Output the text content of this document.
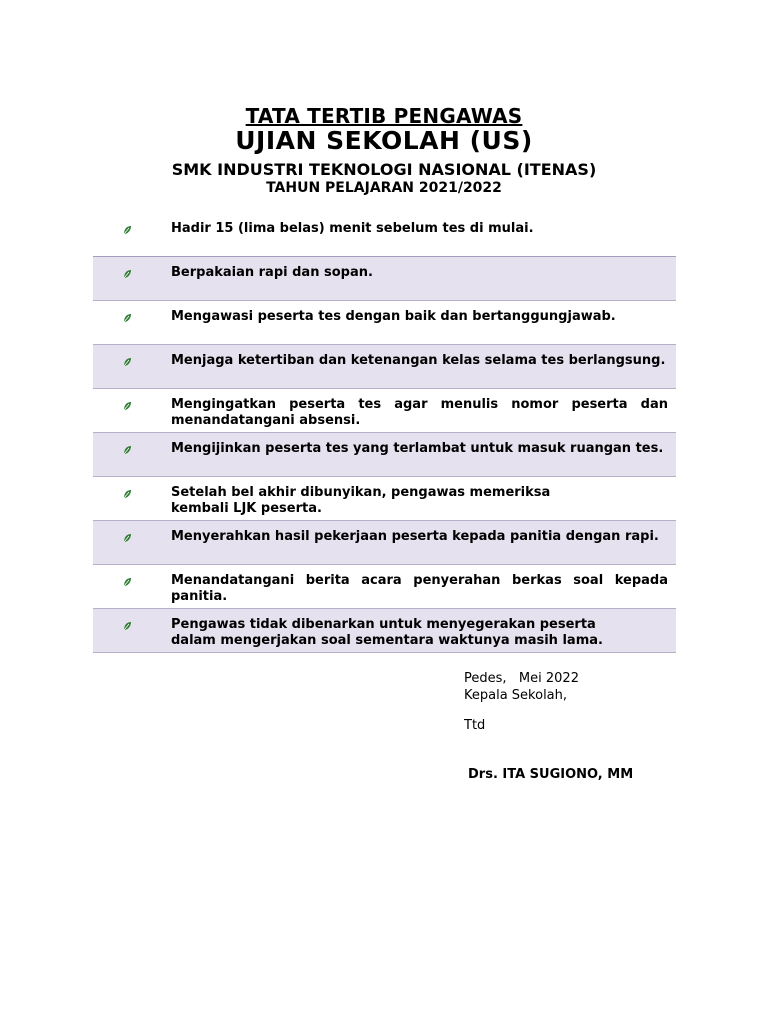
TATA TERTIB PENGAWAS
UJIAN SEKOLAH (US)
SMK INDUSTRI TEKNOLOGI NASIONAL (ITENAS)
TAHUN PELAJARAN 2021/2022
Hadir 15 (lima belas) menit sebelum tes di mulai.
Berpakaian rapi dan sopan.
Mengawasi peserta tes dengan baik dan bertanggungjawab.
Menjaga ketertiban dan ketenangan kelas selama tes berlangsung.
Mengingatkan peserta tes agar menulis nomor peserta dan menandatangani absensi.
Mengijinkan peserta tes yang terlambat untuk masuk ruangan tes.
Setelah bel akhir dibunyikan, pengawas memeriksa kembali LJK peserta.
Menyerahkan hasil pekerjaan peserta kepada panitia dengan rapi.
Menandatangani berita acara penyerahan berkas soal kepada panitia.
Pengawas tidak dibenarkan untuk menyegerakan peserta dalam mengerjakan soal sementara waktunya masih lama.
Pedes,   Mei 2022
Kepala Sekolah,
Ttd
Drs. ITA SUGIONO, MM
